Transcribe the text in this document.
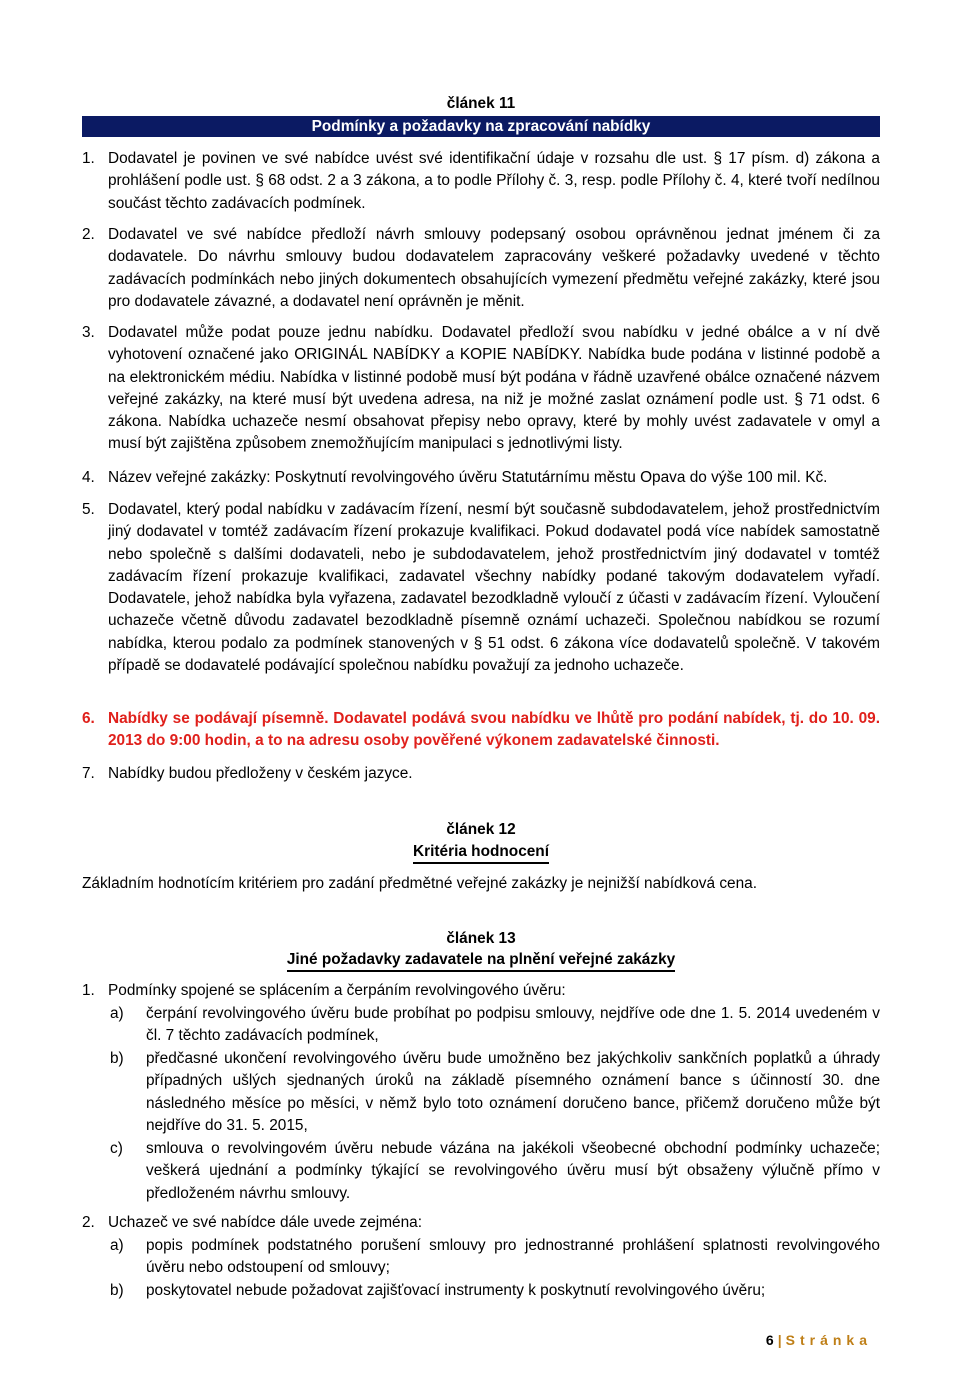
článek 11
Podmínky a požadavky na zpracování nabídky
1. Dodavatel je povinen ve své nabídce uvést své identifikační údaje v rozsahu dle ust. § 17 písm. d) zákona a prohlášení podle ust. § 68 odst. 2 a 3 zákona, a to podle Přílohy č. 3, resp. podle Přílohy č. 4, které tvoří nedílnou součást těchto zadávacích podmínek.
2. Dodavatel ve své nabídce předloží návrh smlouvy podepsaný osobou oprávněnou jednat jménem či za dodavatele. Do návrhu smlouvy budou dodavatelem zapracovány veškeré požadavky uvedené v těchto zadávacích podmínkách nebo jiných dokumentech obsahujících vymezení předmětu veřejné zakázky, které jsou pro dodavatele závazné, a dodavatel není oprávněn je měnit.
3. Dodavatel může podat pouze jednu nabídku. Dodavatel předloží svou nabídku v jedné obálce a v ní dvě vyhotovení označené jako ORIGINÁL NABÍDKY a KOPIE NABÍDKY. Nabídka bude podána v listinné podobě a na elektronickém médiu. Nabídka v listinné podobě musí být podána v řádně uzavřené obálce označené názvem veřejné zakázky, na které musí být uvedena adresa, na niž je možné zaslat oznámení podle ust. § 71 odst. 6 zákona. Nabídka uchazeče nesmí obsahovat přepisy nebo opravy, které by mohly uvést zadavatele v omyl a musí být zajištěna způsobem znemožňujícím manipulaci s jednotlivými listy.
4. Název veřejné zakázky: Poskytnutí revolvingového úvěru Statutárnímu městu Opava do výše 100 mil. Kč.
5. Dodavatel, který podal nabídku v zadávacím řízení, nesmí být současně subdodavatelem, jehož prostřednictvím jiný dodavatel v tomtéž zadávacím řízení prokazuje kvalifikaci. Pokud dodavatel podá více nabídek samostatně nebo společně s dalšími dodavateli, nebo je subdodavatelem, jehož prostřednictvím jiný dodavatel v tomtéž zadávacím řízení prokazuje kvalifikaci, zadavatel všechny nabídky podané takovým dodavatelem vyřadí. Dodavatele, jehož nabídka byla vyřazena, zadavatel bezodkladně vyloučí z účasti v zadávacím řízení. Vyloučení uchazeče včetně důvodu zadavatel bezodkladně písemně oznámí uchazeči. Společnou nabídkou se rozumí nabídka, kterou podalo za podmínek stanovených v § 51 odst. 6 zákona více dodavatelů společně. V takovém případě se dodavatelé podávající společnou nabídku považují za jednoho uchazeče.
6. Nabídky se podávají písemně. Dodavatel podává svou nabídku ve lhůtě pro podání nabídek, tj. do 10. 09. 2013 do 9:00 hodin, a to na adresu osoby pověřené výkonem zadavatelské činnosti.
7. Nabídky budou předloženy v českém jazyce.
článek 12
Kritéria hodnocení
Základním hodnotícím kritériem pro zadání předmětné veřejné zakázky je nejnižší nabídková cena.
článek 13
Jiné požadavky zadavatele na plnění veřejné zakázky
1. Podmínky spojené se splácením a čerpáním revolvingového úvěru:
a) čerpání revolvingového úvěru bude probíhat po podpisu smlouvy, nejdříve ode dne 1. 5. 2014 uvedeném v čl. 7 těchto zadávacích podmínek,
b) předčasné ukončení revolvingového úvěru bude umožněno bez jakýchkoliv sankčních poplatků a úhrady případných ušlých sjednaných úroků na základě písemného oznámení bance s účinností 30. dne následného měsíce po měsíci, v němž bylo toto oznámení doručeno bance, přičemž doručeno může být nejdříve do 31. 5. 2015,
c) smlouva o revolvingovém úvěru nebude vázána na jakékoli všeobecné obchodní podmínky uchazeče; veškerá ujednání a podmínky týkající se revolvingového úvěru musí být obsaženy výlučně přímo v předloženém návrhu smlouvy.
2. Uchazeč ve své nabídce dále uvede zejména:
a) popis podmínek podstatného porušení smlouvy pro jednostranné prohlášení splatnosti revolvingového úvěru nebo odstoupení od smlouvy;
b) poskytovatel nebude požadovat zajišťovací instrumenty k poskytnutí revolvingového úvěru;
6 | Stránka
